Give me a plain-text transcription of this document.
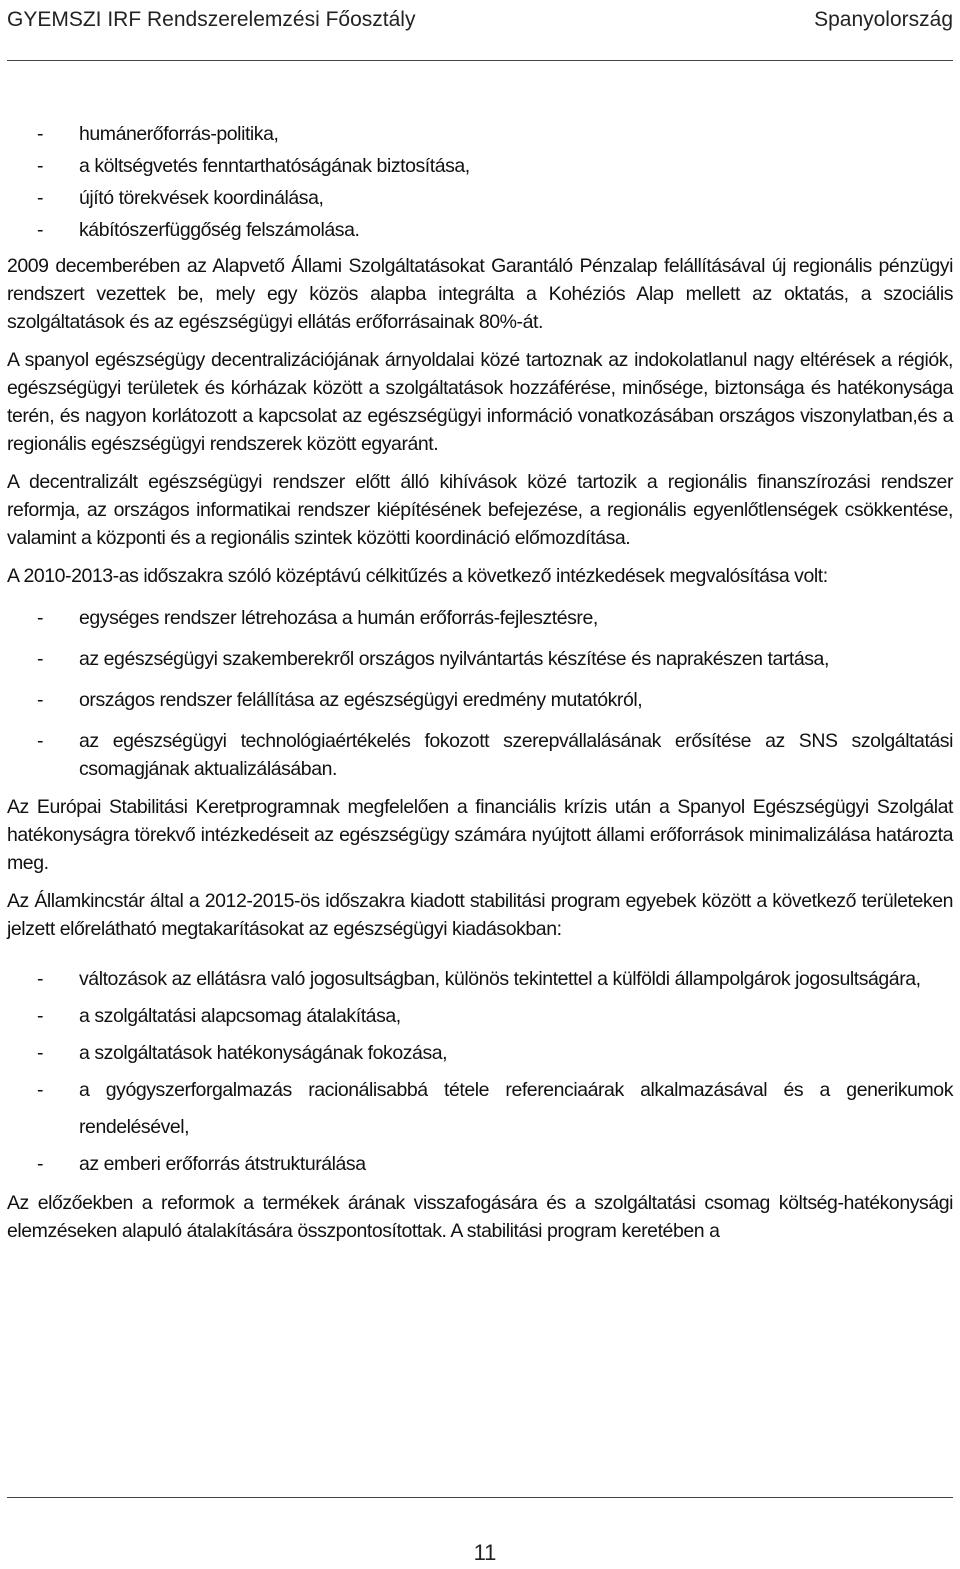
GYEMSZI IRF Rendszerelemzési Főosztály	Spanyolország
- humánerőforrás-politika,
- a költségvetés fenntarthatóságának biztosítása,
- újító törekvések koordinálása,
- kábítószerfüggőség felszámolása.

2009 decemberében az Alapvető Állami Szolgáltatásokat Garantáló Pénzalap felállításával új regionális pénzügyi rendszert vezettek be, mely egy közös alapba integrálta a Kohéziós Alap mellett az oktatás, a szociális szolgáltatások és az egészségügyi ellátás erőforrásainak 80%-át.

A spanyol egészségügy decentralizációjának árnyoldalai közé tartoznak az indokolatlanul nagy eltérések a régiók, egészségügyi területek és kórházak között a szolgáltatások hozzáférése, minősége, biztonsága és hatékonysága terén, és nagyon korlátozott a kapcsolat az egészségügyi információ vonatkozásában országos viszonylatban,és a regionális egészségügyi rendszerek között egyaránt.

A decentralizált egészségügyi rendszer előtt álló kihívások közé tartozik a regionális finanszírozási rendszer reformja, az országos informatikai rendszer kiépítésének befejezése, a regionális egyenlőtlenségek csökkentése, valamint a központi és a regionális szintek közötti koordináció előmozdítása.

A 2010-2013-as időszakra szóló középtávú célkitűzés a következő intézkedések megvalósítása volt:

- egységes rendszer létrehozása a humán erőforrás-fejlesztésre,
- az egészségügyi szakemberekről országos nyilvántartás készítése és naprakészen tartása,
- országos rendszer felállítása az egészségügyi eredmény mutatókról,
- az egészségügyi technológiaértékelés fokozott szerepvállalásának erősítése az SNS szolgáltatási csomagjának aktualizálásában.

Az Európai Stabilitási Keretprogramnak megfelelően a financiális krízis után a Spanyol Egészségügyi Szolgálat hatékonyságra törekvő intézkedéseit az egészségügy számára nyújtott állami erőforrások minimalizálása határozta meg.

Az Államkincstár által a 2012-2015-ös időszakra kiadott stabilitási program egyebek között a következő területeken jelzett előrelátható megtakarításokat az egészségügyi kiadásokban:

- változások az ellátásra való jogosultságban, különös tekintettel a külföldi állampolgárok jogosultságára,
- a szolgáltatási alapcsomag átalakítása,
- a szolgáltatások hatékonyságának fokozása,
- a gyógyszerforgalmazás racionálisabbá tétele referenciaárak alkalmazásával és a generikumok rendelésével,
- az emberi erőforrás átstrukturálása

Az előzőekben a reformok a termékek árának visszafogására és a szolgáltatási csomag költség-hatékonysági elemzéseken alapuló átalakítására összpontosítottak. A stabilitási program keretében a

11
